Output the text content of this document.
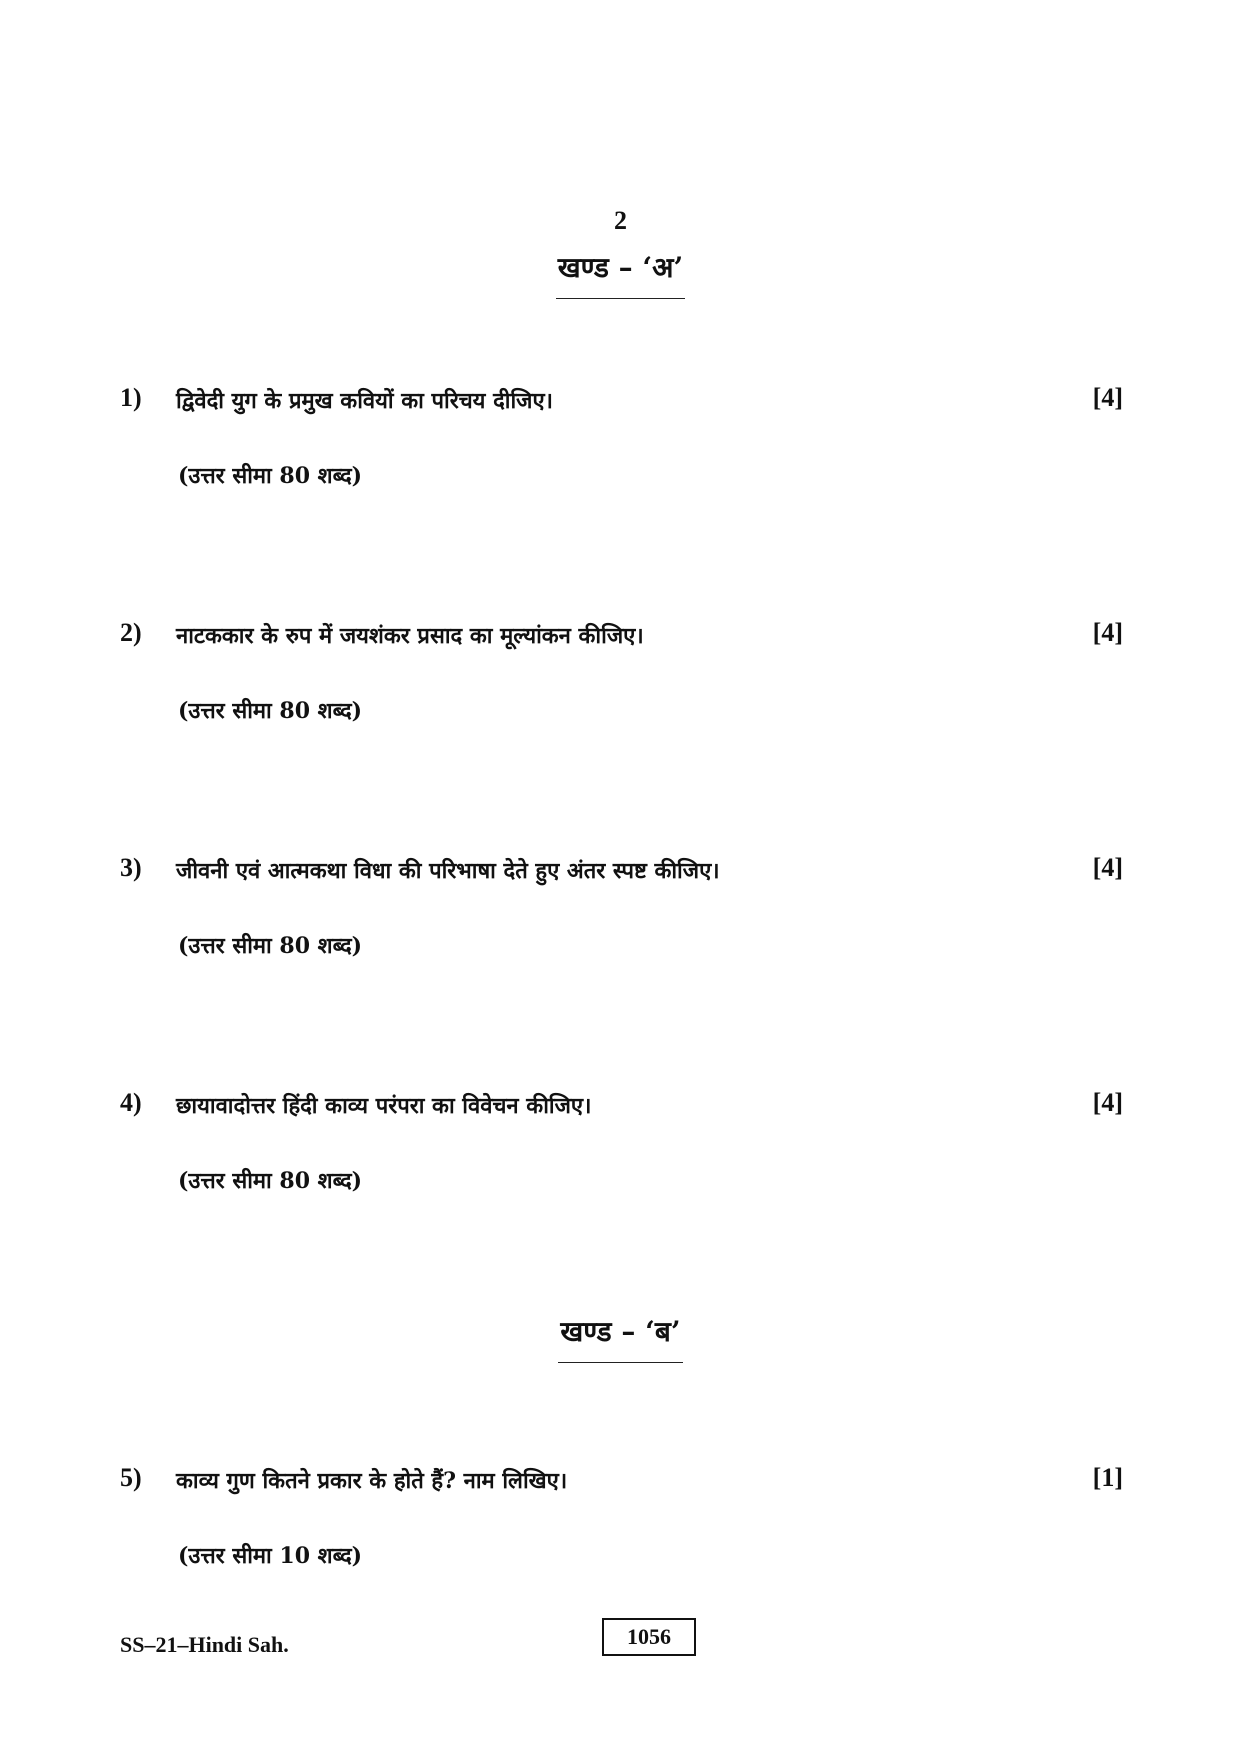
2
खण्ड – ‘अ’
1) द्विवेदी युग के प्रमुख कवियों का परिचय दीजिए।	[4]
(उत्तर सीमा 80 शब्द)
2) नाटककार के रुप में जयशंकर प्रसाद का मूल्यांकन कीजिए।	[4]
(उत्तर सीमा 80 शब्द)
3) जीवनी एवं आत्मकथा विधा की परिभाषा देते हुए अंतर स्पष्ट कीजिए।	[4]
(उत्तर सीमा 80 शब्द)
4) छायावादोत्तर हिंदी काव्य परंपरा का विवेचन कीजिए।	[4]
(उत्तर सीमा 80 शब्द)
खण्ड – ‘ब’
5) काव्य गुण कितने प्रकार के होते हैं? नाम लिखिए।	[1]
(उत्तर सीमा 10 शब्द)
SS–21–Hindi Sah.	1056
